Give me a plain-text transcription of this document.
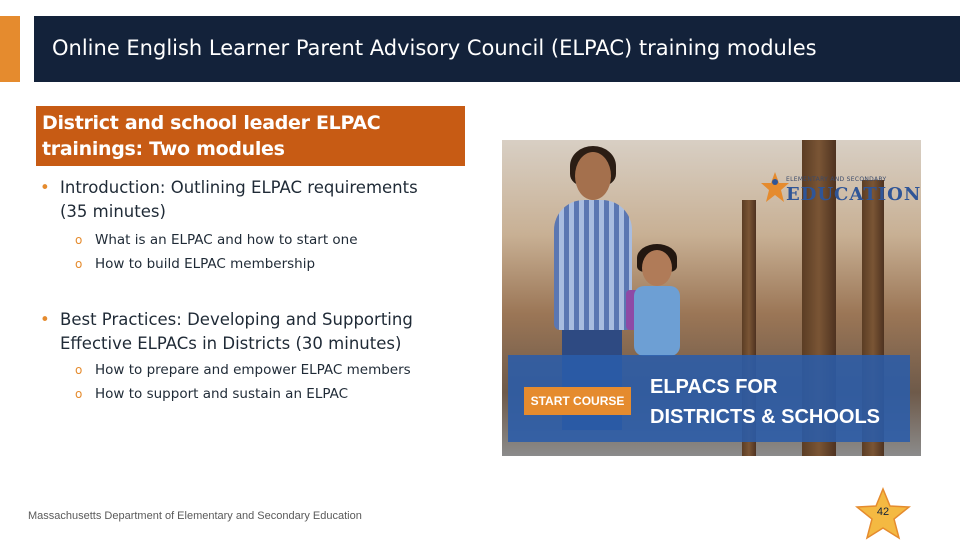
Online English Learner Parent Advisory Council (ELPAC) training modules
District and school leader ELPAC
trainings: Two modules
• Introduction: Outlining ELPAC requirements
(35 minutes)
o What is an ELPAC and how to start one
o How to build ELPAC membership
• Best Practices: Developing and Supporting
Effective ELPACs in Districts (30 minutes)
o How to prepare and empower ELPAC members
o How to support and sustain an ELPAC
ELEMENTARY AND SECONDARY
EDUCATION
START COURSE
ELPACS FOR
DISTRICTS & SCHOOLS
Massachusetts Department of Elementary and Secondary Education	42
